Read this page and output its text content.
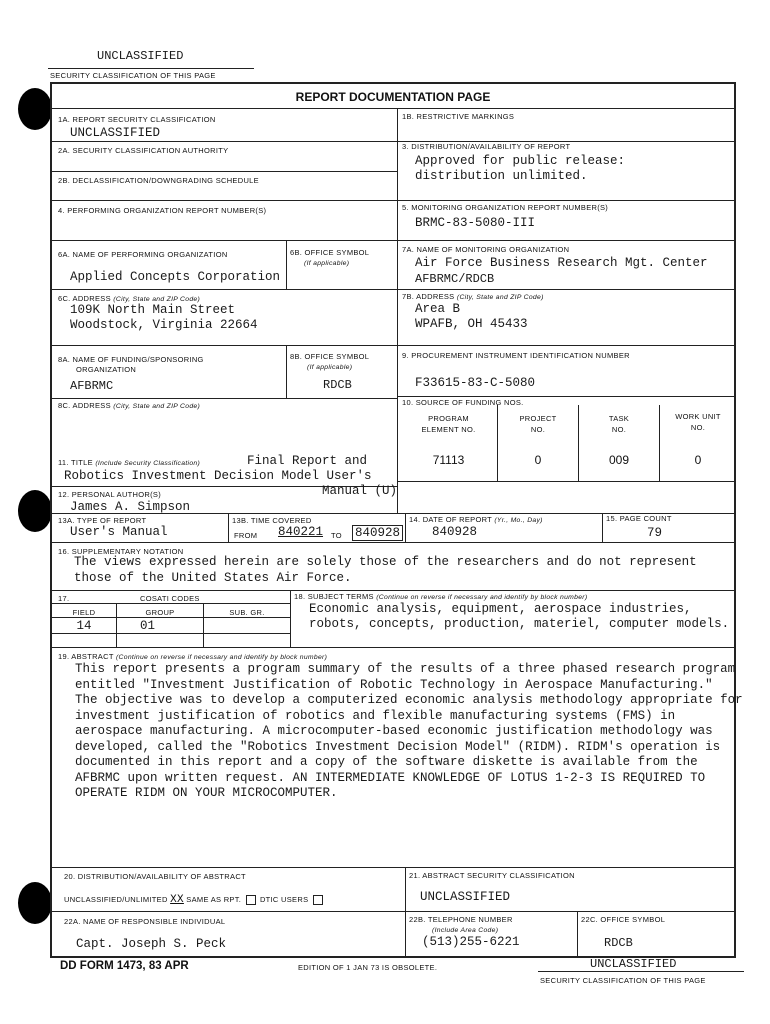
UNCLASSIFIED
SECURITY CLASSIFICATION OF THIS PAGE
REPORT DOCUMENTATION PAGE
1A. REPORT SECURITY CLASSIFICATION
UNCLASSIFIED
1B. RESTRICTIVE MARKINGS
2A. SECURITY CLASSIFICATION AUTHORITY
2B. DECLASSIFICATION/DOWNGRADING SCHEDULE
3. DISTRIBUTION/AVAILABILITY OF REPORT
Approved for public release:
distribution unlimited.
4. PERFORMING ORGANIZATION REPORT NUMBER(S)	5. MONITORING ORGANIZATION REPORT NUMBER(S)
BRMC-83-5080-III
6A. NAME OF PERFORMING ORGANIZATION
Applied Concepts Corporation
6B. OFFICE SYMBOL
(If applicable)
7A. NAME OF MONITORING ORGANIZATION
Air Force Business Research Mgt. Center
AFBRMC/RDCB
6C. ADDRESS (City, State and ZIP Code)
109K North Main Street
Woodstock, Virginia 22664
7B. ADDRESS (City, State and ZIP Code)
Area B
WPAFB, OH 45433
8A. NAME OF FUNDING/SPONSORING
ORGANIZATION
AFBRMC
8B. OFFICE SYMBOL
(If applicable)
RDCB
9. PROCUREMENT INSTRUMENT IDENTIFICATION NUMBER
F33615-83-C-5080
8C. ADDRESS (City, State and ZIP Code)	10. SOURCE OF FUNDING NOS.
PROGRAM
ELEMENT NO.
PROJECT
NO.
TASK
NO.
WORK UNIT
NO.
71113	0	009	0
11. TITLE (Include Security Classification)	Final Report and
Robotics Investment Decision Model User's
Manual (U)
12. PERSONAL AUTHOR(S)
James A. Simpson
13A. TYPE OF REPORT
User's Manual
13B. TIME COVERED
FROM 840221 TO 840928
14. DATE OF REPORT (Yr., Mo., Day)
840928
15. PAGE COUNT
79
16. SUPPLEMENTARY NOTATION
The views expressed herein are solely those of the researchers and do not represent
those of the United States Air Force.
17.	COSATI CODES
FIELD	GROUP	SUB. GR.
14	01
18. SUBJECT TERMS (Continue on reverse if necessary and identify by block number)
Economic analysis, equipment, aerospace industries,
robots, concepts, production, materiel, computer models.
19. ABSTRACT (Continue on reverse if necessary and identify by block number)
This report presents a program summary of the results of a three phased research program
entitled "Investment Justification of Robotic Technology in Aerospace Manufacturing."
The objective was to develop a computerized economic analysis methodology appropriate for
investment justification of robotics and flexible manufacturing systems (FMS) in
aerospace manufacturing. A microcomputer-based economic justification methodology was
developed, called the "Robotics Investment Decision Model" (RIDM). RIDM's operation is
documented in this report and a copy of the software diskette is available from the
AFBRMC upon written request. AN INTERMEDIATE KNOWLEDGE OF LOTUS 1-2-3 IS REQUIRED TO
OPERATE RIDM ON YOUR MICROCOMPUTER.
20. DISTRIBUTION/AVAILABILITY OF ABSTRACT
UNCLASSIFIED/UNLIMITED XX SAME AS RPT.	DTIC USERS
21. ABSTRACT SECURITY CLASSIFICATION
UNCLASSIFIED
22A. NAME OF RESPONSIBLE INDIVIDUAL
Capt. Joseph S. Peck
22B. TELEPHONE NUMBER
(Include Area Code)
(513)255-6221
22C. OFFICE SYMBOL
RDCB
DD FORM 1473, 83 APR	EDITION OF 1 JAN 73 IS OBSOLETE.	UNCLASSIFIED
SECURITY CLASSIFICATION OF THIS PAGE
